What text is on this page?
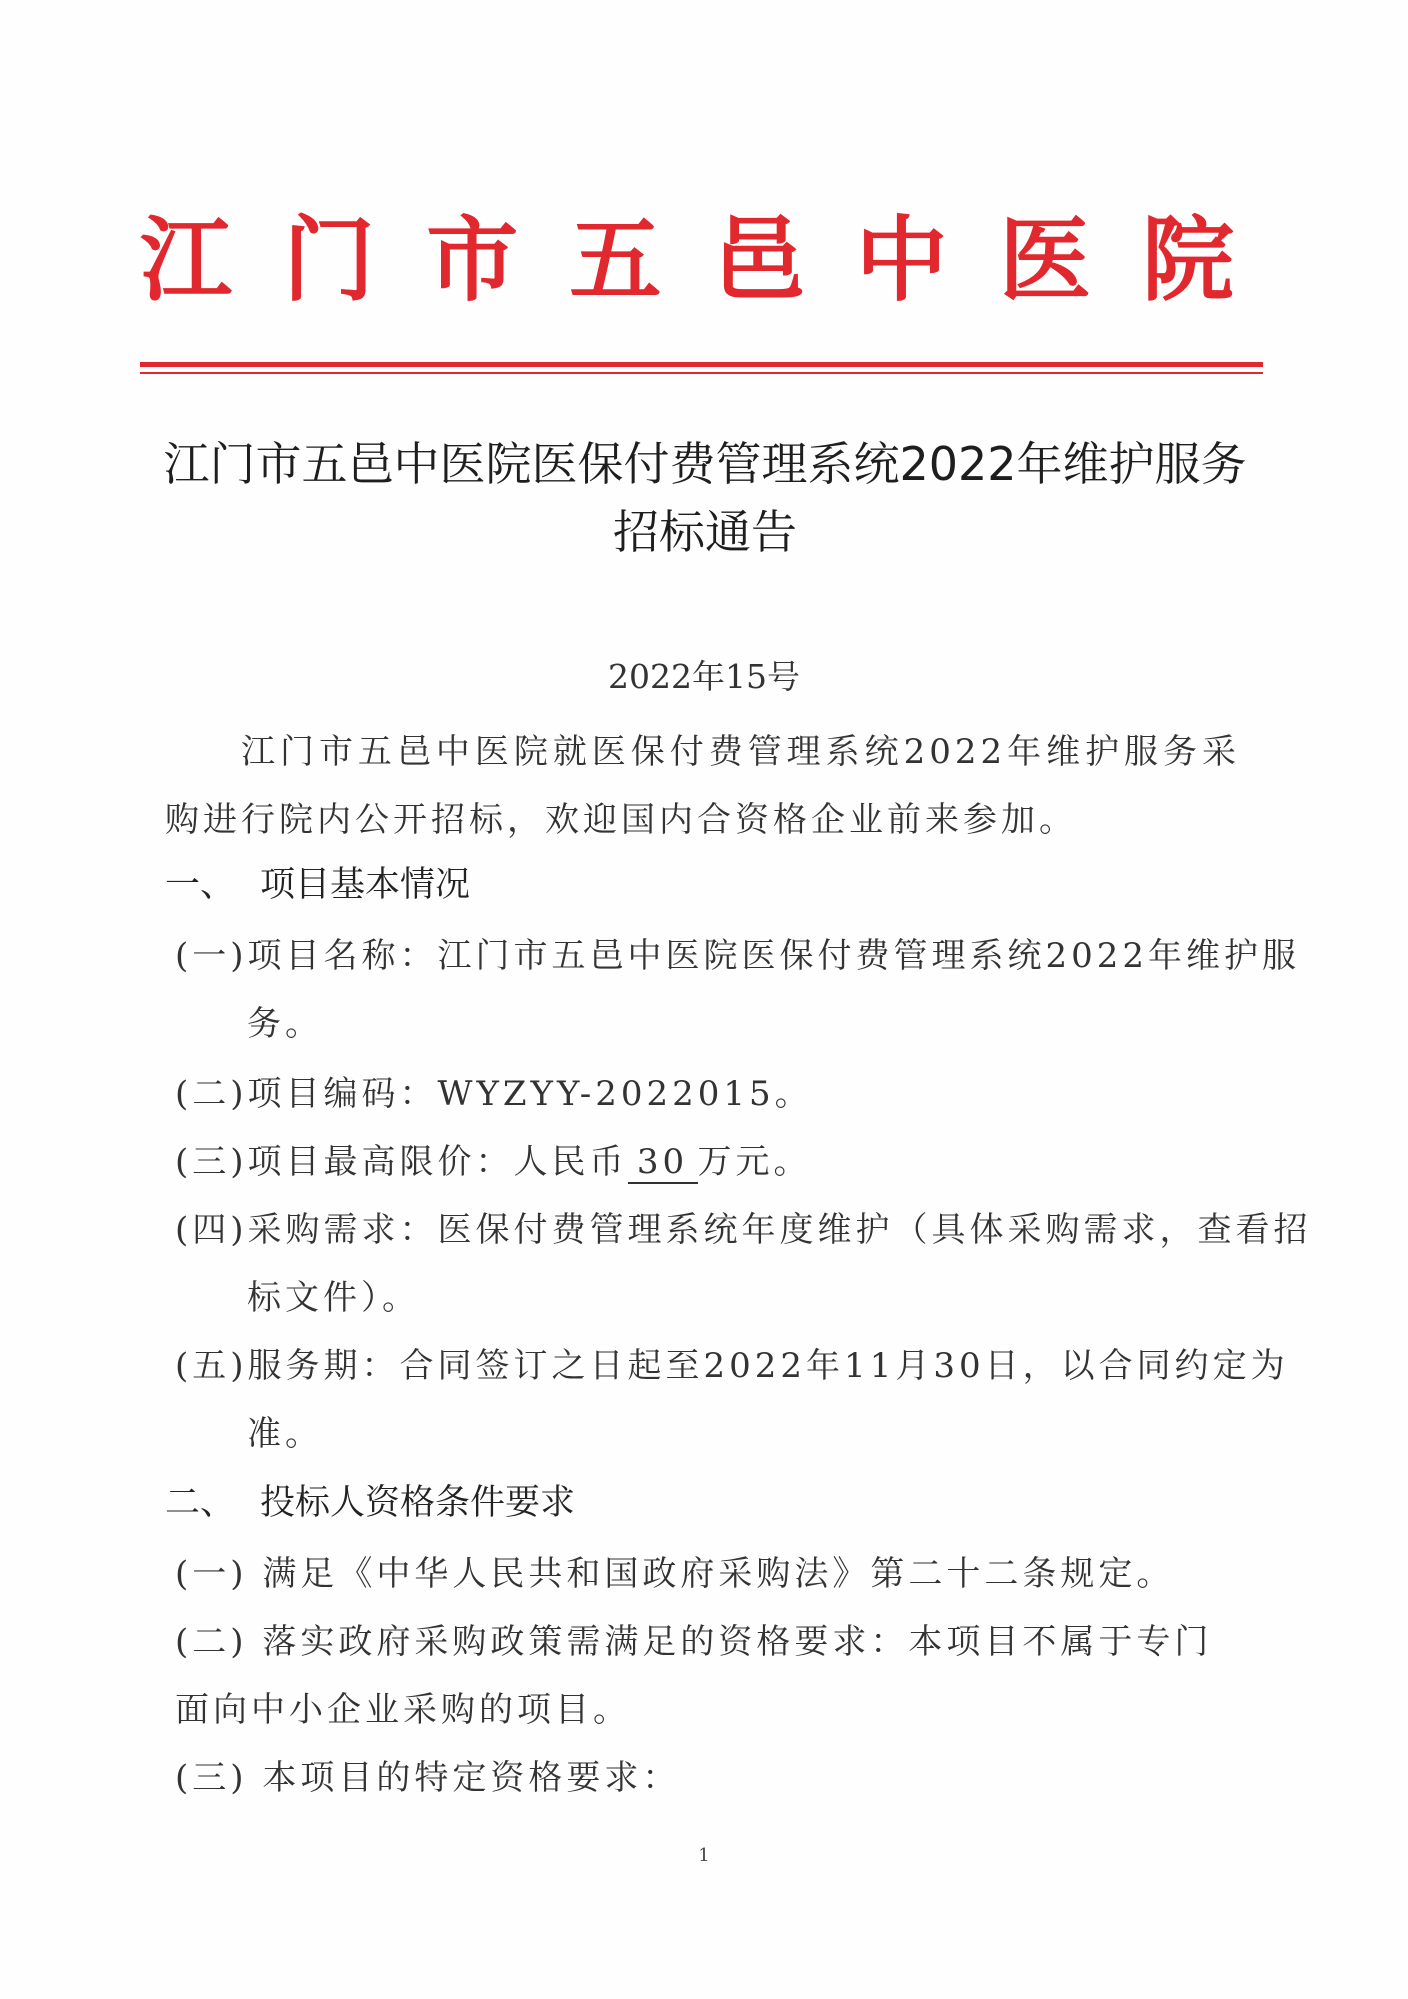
江门市五邑中医院
江门市五邑中医院医保付费管理系统2022年维护服务招标通告
2022年15号
江门市五邑中医院就医保付费管理系统2022年维护服务采购进行院内公开招标，欢迎国内合资格企业前来参加。
一、 项目基本情况
(一)项目名称：江门市五邑中医院医保付费管理系统2022年维护服务。
(二)项目编码：WYZYY-2022015。
(三)项目最高限价：人民币 30 万元。
(四)采购需求：医保付费管理系统年度维护（具体采购需求，查看招标文件）。
(五)服务期：合同签订之日起至2022年11月30日，以合同约定为准。
二、 投标人资格条件要求
(一) 满足《中华人民共和国政府采购法》第二十二条规定。
(二) 落实政府采购政策需满足的资格要求：本项目不属于专门面向中小企业采购的项目。
(三) 本项目的特定资格要求：
1
